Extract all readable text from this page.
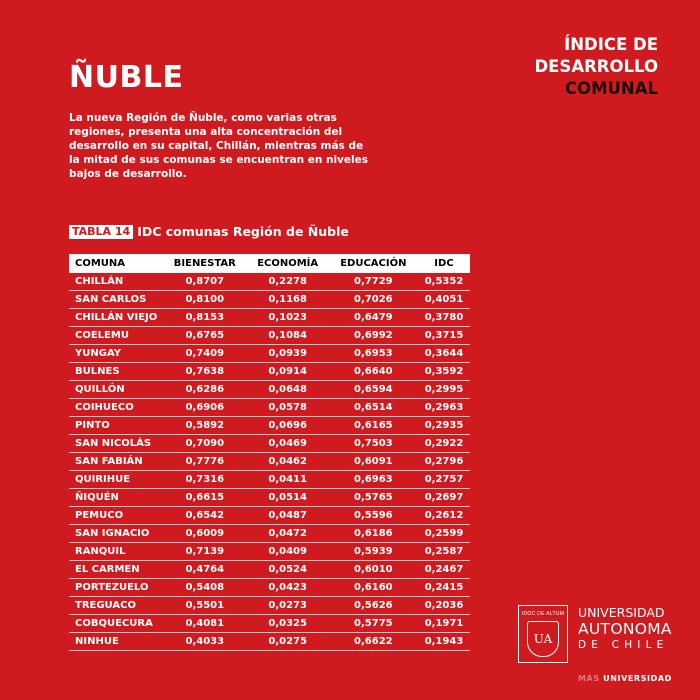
ÍNDICE DE
DESARROLLO
COMUNAL
ÑUBLE
La nueva Región de Ñuble, como varias otras regiones, presenta una alta concentración del desarrollo en su capital, Chillán, mientras más de la mitad de sus comunas se encuentran en niveles bajos de desarrollo.
TABLA 14 IDC comunas Región de Ñuble
COMUNA	BIENESTAR	ECONOMÍA	EDUCACIÓN	IDC
CHILLÁN	0,8707	0,2278	0,7729	0,5352
SAN CARLOS	0,8100	0,1168	0,7026	0,4051
CHILLÁN VIEJO	0,8153	0,1023	0,6479	0,3780
COELEMU	0,6765	0,1084	0,6992	0,3715
YUNGAY	0,7409	0,0939	0,6953	0,3644
BULNES	0,7638	0,0914	0,6640	0,3592
QUILLÓN	0,6286	0,0648	0,6594	0,2995
COIHUECO	0,6906	0,0578	0,6514	0,2963
PINTO	0,5892	0,0696	0,6165	0,2935
SAN NICOLÁS	0,7090	0,0469	0,7503	0,2922
SAN FABIÁN	0,7776	0,0462	0,6091	0,2796
QUIRIHUE	0,7316	0,0411	0,6963	0,2757
ÑIQUÉN	0,6615	0,0514	0,5765	0,2697
PEMUCO	0,6542	0,0487	0,5596	0,2612
SAN IGNACIO	0,6009	0,0472	0,6186	0,2599
RANQUIL	0,7139	0,0409	0,5939	0,2587
EL CARMEN	0,4764	0,0524	0,6010	0,2467
PORTEZUELO	0,5408	0,0423	0,6160	0,2415
TREGUACO	0,5501	0,0273	0,5626	0,2036
COBQUECURA	0,4081	0,0325	0,5775	0,1971
NINHUE	0,4033	0,0275	0,6622	0,1943
IDOC DE ALTUM
UA
UNIVERSIDAD
AUTONOMA
DE CHILE
MÁS UNIVERSIDAD
